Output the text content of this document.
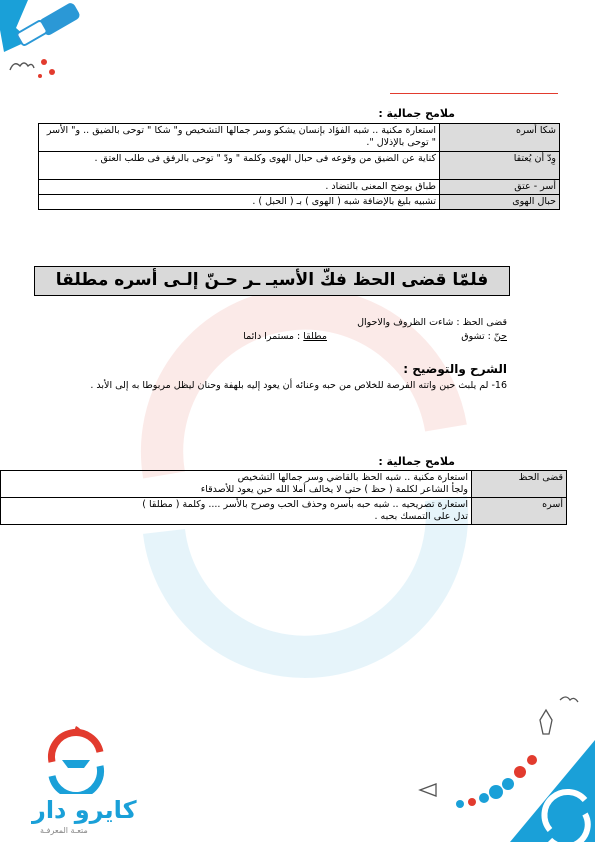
ملامح جمالية :
شكا أسره	استعارة مكنية .. شبه الفؤاد بإنسان يشكو وسر جمالها التشخيص و" شكا " توحى بالضيق .. و" الأسر " توحى بالإذلال ".
وِدّ أن يُعتقا	كناية عن الضيق من وقوعه فى حبال الهوى وكلمة " ودّ " توحى بالرفق فى طلب العتق .
أسر - عتق	طباق يوضح المعنى بالتضاد .
حبال الهوى	تشبيه بليغ بالإضافة شبه ( الهوى ) بـ ( الحبل ) .
فلمّا قضى الحظ فكّ الأسيـ ـر حـنّ إلـى أسره مطلقا
قضى الحظ : شاءت الظروف والاحوال
حنّ : تشوق
مطلقا : مستمرا دائما
الشرح والتوضيح :
16- لم يلبث حين واتته الفرصة للخلاص من حبه وعنائه أن يعود إليه بلهفة وحنان ليظل مربوطا به إلى الأبد .
ملامح جمالية :
قضى الحظ	استعارة مكنية .. شبه الحظ بالقاضي وسر جمالها التشخيص
ولجأ الشاعر لكلمة ( حظ ) حتى لا يخالف أملا الله حين يعود للأصدقاء

أسره	استعارة تصريحيه .. شبه حبه بأسره وحذف الحب وصرح بالأسر .... وكلمة ( مطلقا )
تدل على التمسك بحبه .
كايرو دار
متعـة المعرفـة
